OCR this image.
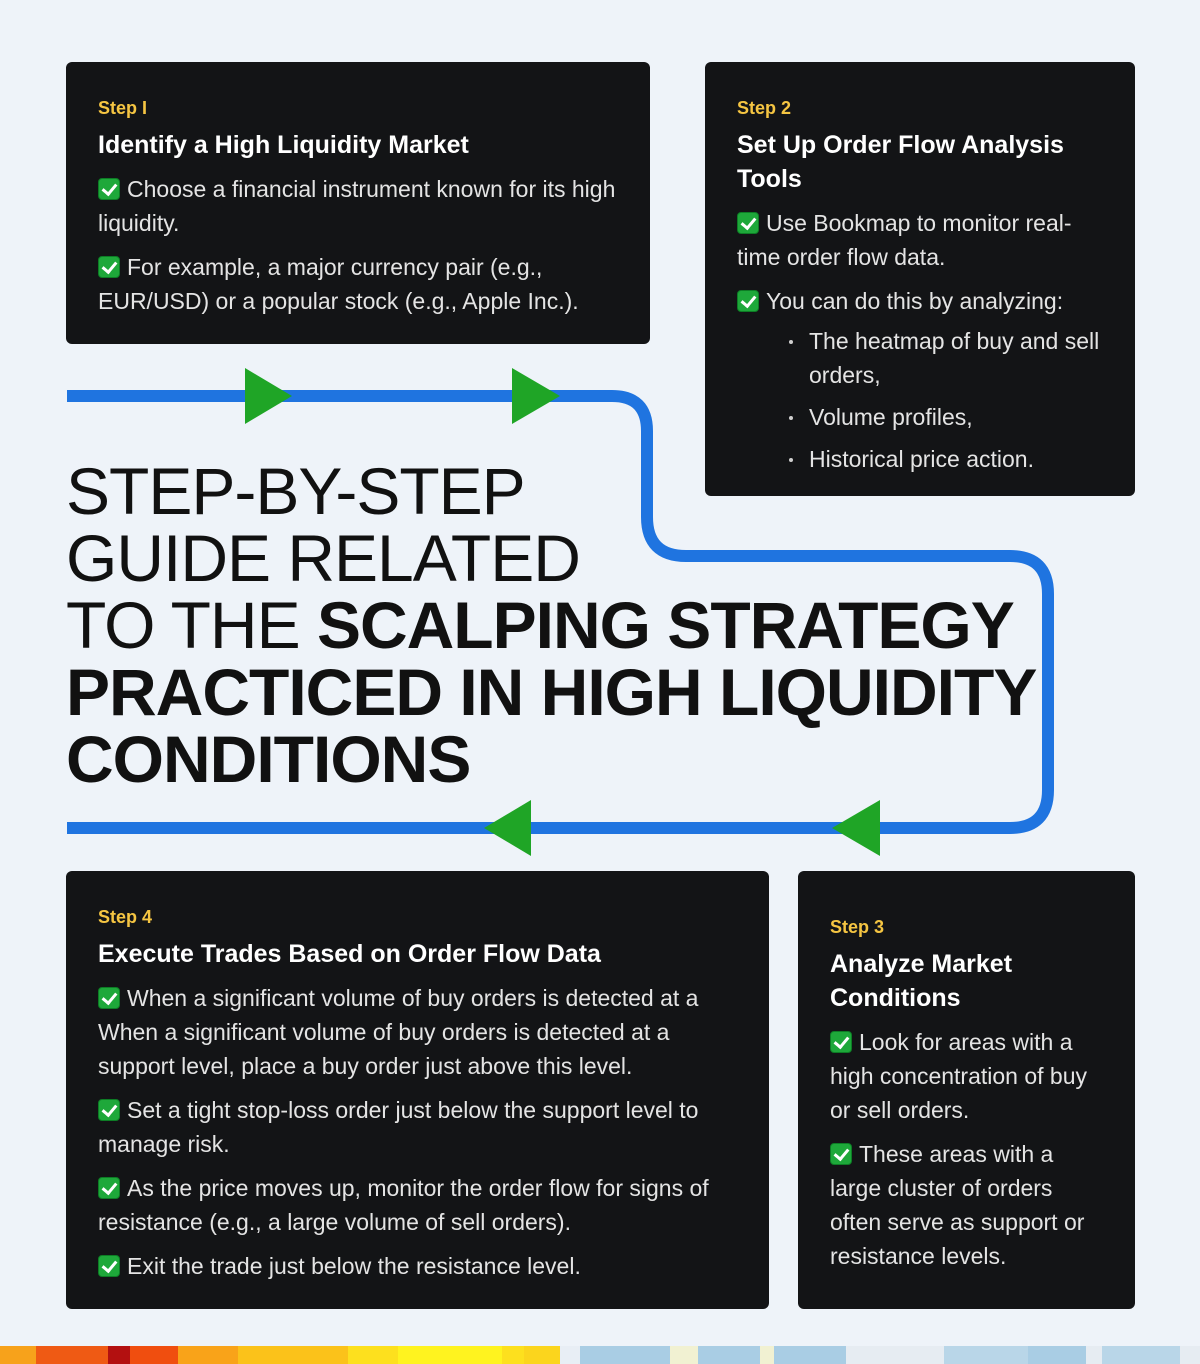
Step I
Identify a High Liquidity Market
Choose a financial instrument known for its high liquidity.
For example, a major currency pair (e.g., EUR/USD) or a popular stock (e.g., Apple Inc.).
Step 2
Set Up Order Flow Analysis Tools
Use Bookmap to monitor real-time order flow data.
You can do this by analyzing:
The heatmap of buy and sell orders,
Volume profiles,
Historical price action.
STEP-BY-STEP
GUIDE RELATED
TO THE SCALPING STRATEGY
PRACTICED IN HIGH LIQUIDITY
CONDITIONS
Step 4
Execute Trades Based on Order Flow Data
When a significant volume of buy orders is detected at a When a significant volume of buy orders is detected at a support level, place a buy order just above this level.
Set a tight stop-loss order just below the support level to manage risk.
As the price moves up, monitor the order flow for signs of resistance (e.g., a large volume of sell orders).
Exit the trade just below the resistance level.
Step 3
Analyze Market Conditions
Look for areas with a high concentration of buy or sell orders.
These areas with a large cluster of orders often serve as support or resistance levels.
